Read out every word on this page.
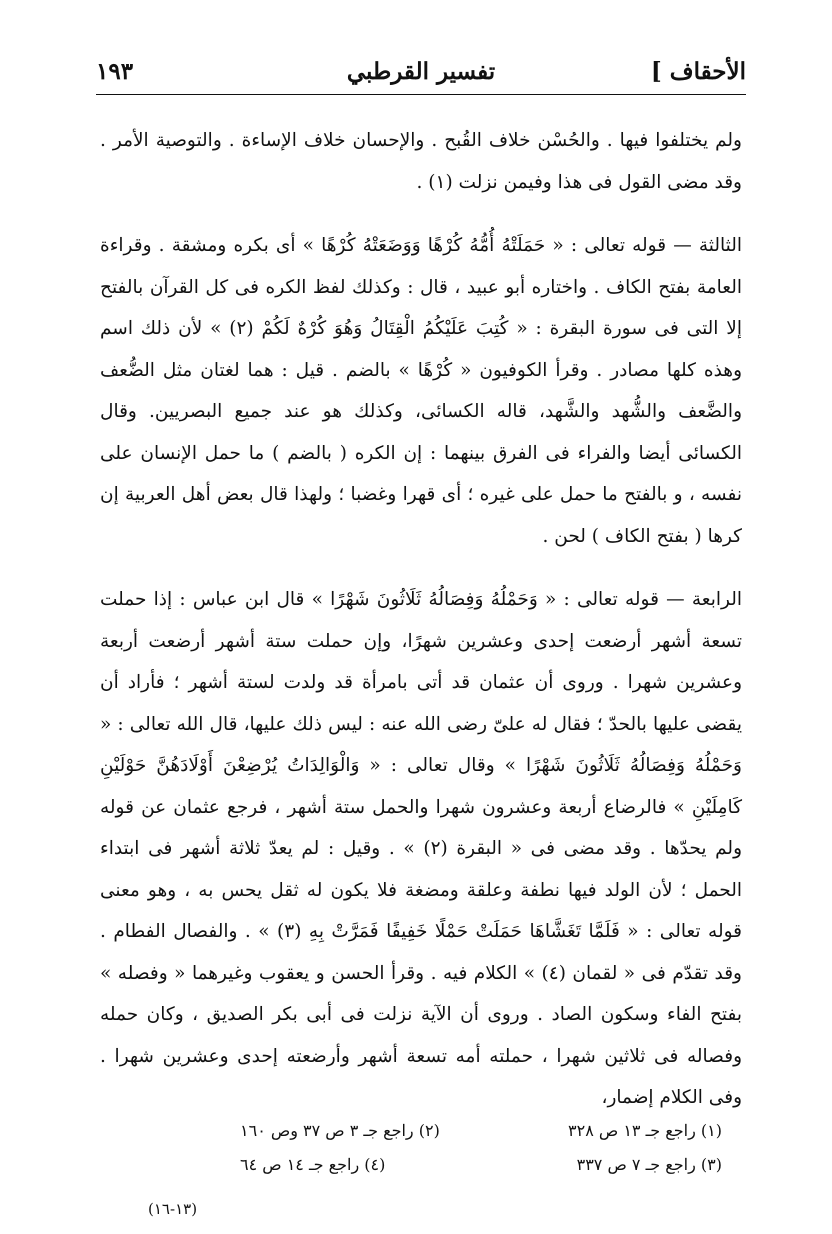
الأحقاف ]
تفسير القرطبي
١٩٣

ولم يختلفوا فيها . والحُسْن خلاف القُبح . والإحسان خلاف الإساءة . والتوصية الأمر . وقد مضى القول فى هذا وفيمن نزلت (١) .

الثالثة — قوله تعالى : « حَمَلَتْهُ أُمُّهُ كُرْهًا وَوَضَعَتْهُ كُرْهًا » أى بكره ومشقة . وقراءة العامة بفتح الكاف . واختاره أبو عبيد ، قال : وكذلك لفظ الكره فى كل القرآن بالفتح إلا التى فى سورة البقرة : « كُتِبَ عَلَيْكُمُ الْقِتَالُ وَهُوَ كُرْهٌ لَكُمْ (٢) » لأن ذلك اسم وهذه كلها مصادر . وقرأ الكوفيون « كُرْهًا » بالضم . قيل : هما لغتان مثل الضُّعف والضَّعف والشُّهد والشَّهد، قاله الكسائى، وكذلك هو عند جميع البصريين. وقال الكسائى أيضا والفراء فى الفرق بينهما : إن الكره ( بالضم ) ما حمل الإنسان على نفسه ، و بالفتح ما حمل على غيره ؛ أى قهرا وغضبا ؛ ولهذا قال بعض أهل العربية إن كرها ( بفتح الكاف ) لحن .

الرابعة — قوله تعالى : « وَحَمْلُهُ وَفِصَالُهُ ثَلَاثُونَ شَهْرًا » قال ابن عباس : إذا حملت تسعة أشهر أرضعت إحدى وعشرين شهرًا، وإن حملت ستة أشهر أرضعت أربعة وعشرين شهرا . وروى أن عثمان قد أتى بامرأة قد ولدت لستة أشهر ؛ فأراد أن يقضى عليها بالحدّ ؛ فقال له علىّ رضى الله عنه : ليس ذلك عليها، قال الله تعالى : « وَحَمْلُهُ وَفِصَالُهُ ثَلَاثُونَ شَهْرًا » وقال تعالى : « وَالْوَالِدَاتُ يُرْضِعْنَ أَوْلَادَهُنَّ حَوْلَيْنِ كَامِلَيْنِ » فالرضاع أربعة وعشرون شهرا والحمل ستة أشهر ، فرجع عثمان عن قوله ولم يحدّها . وقد مضى فى « البقرة (٢) » . وقيل : لم يعدّ ثلاثة أشهر فى ابتداء الحمل ؛ لأن الولد فيها نطفة وعلقة ومضغة فلا يكون له ثقل يحس به ، وهو معنى قوله تعالى : « فَلَمَّا تَغَشَّاهَا حَمَلَتْ حَمْلًا خَفِيفًا فَمَرَّتْ بِهِ (٣) » . والفصال الفطام . وقد تقدّم فى « لقمان (٤) » الكلام فيه . وقرأ الحسن و يعقوب وغيرهما « وفصله » بفتح الفاء وسكون الصاد . وروى أن الآية نزلت فى أبى بكر الصديق ، وكان حمله وفصاله فى ثلاثين شهرا ، حملته أمه تسعة أشهر وأرضعته إحدى وعشرين شهرا . وفى الكلام إضمار،

(١) راجع جـ ١٣ ص ٣٢٨
(٢) راجع جـ ٣ ص ٣٧ وص ١٦٠
(٣) راجع جـ ٧ ص ٣٣٧
(٤) راجع جـ ١٤ ص ٦٤
(١٣-١٦)
